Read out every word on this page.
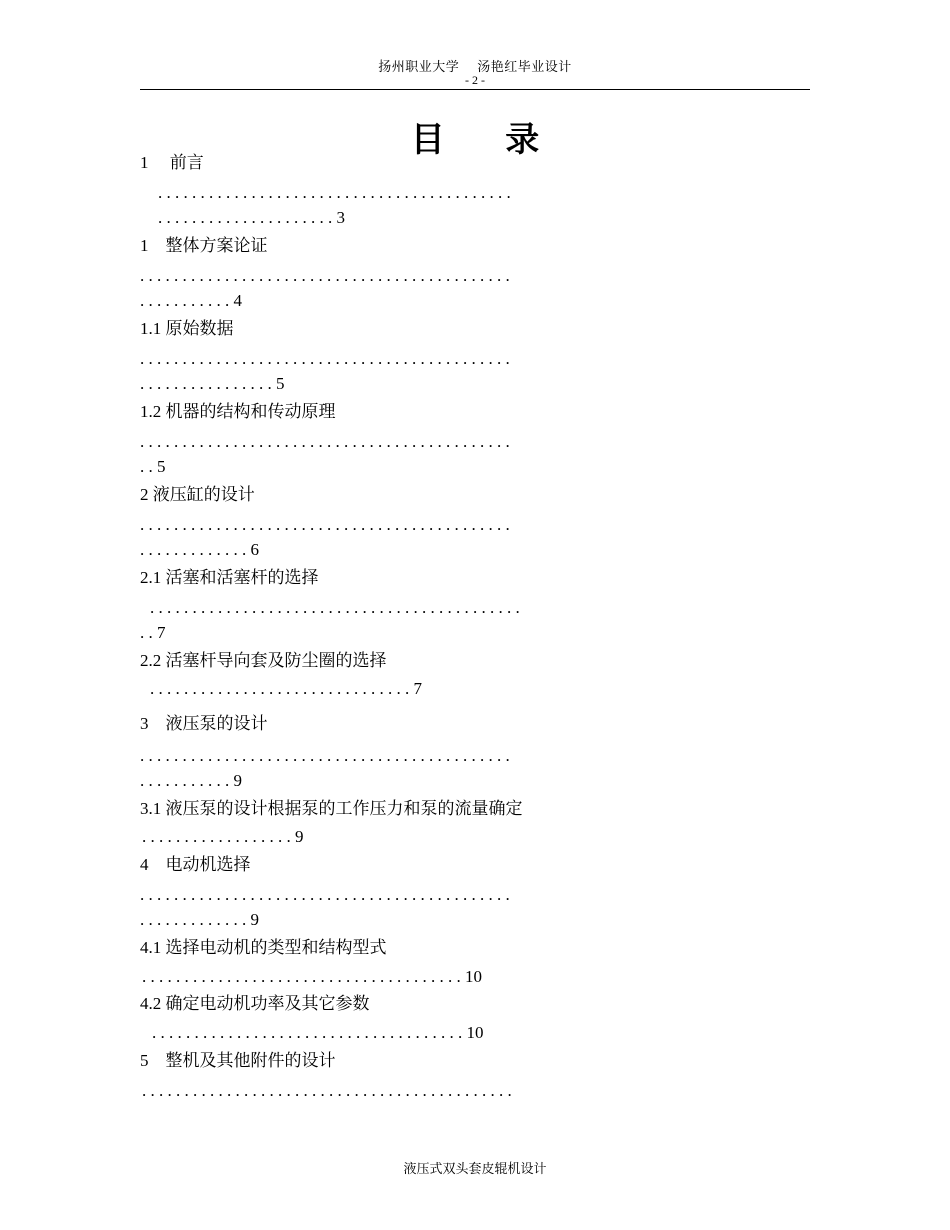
扬州职业大学 汤艳红毕业设计
- 2 -
目 录
1　 前言
. . . . . . . . . . . . . . . . . . . . . . . . . . . . . . . . . . . . . . . . . .
. . . . . . . . . . . . . . . . . . . . . 3
1　整体方案论证
. . . . . . . . . . . . . . . . . . . . . . . . . . . . . . . . . . . . . . . . . . . .
. . . . . . . . . . . 4
1.1 原始数据
. . . . . . . . . . . . . . . . . . . . . . . . . . . . . . . . . . . . . . . . . . . .
. . . . . . . . . . . . . . . . 5
1.2 机器的结构和传动原理
. . . . . . . . . . . . . . . . . . . . . . . . . . . . . . . . . . . . . . . . . . . .
. . 5
2 液压缸的设计
. . . . . . . . . . . . . . . . . . . . . . . . . . . . . . . . . . . . . . . . . . . .
. . . . . . . . . . . . . 6
2.1 活塞和活塞杆的选择
. . . . . . . . . . . . . . . . . . . . . . . . . . . . . . . . . . . . . . . . . . . .
. . 7
2.2 活塞杆导向套及防尘圈的选择
. . . . . . . . . . . . . . . . . . . . . . . . . . . . . . . 7
3　液压泵的设计
. . . . . . . . . . . . . . . . . . . . . . . . . . . . . . . . . . . . . . . . . . . .
. . . . . . . . . . . 9
3.1 液压泵的设计根据泵的工作压力和泵的流量确定
. . . . . . . . . . . . . . . . . . 9
4　电动机选择
. . . . . . . . . . . . . . . . . . . . . . . . . . . . . . . . . . . . . . . . . . . .
. . . . . . . . . . . . . 9
4.1 选择电动机的类型和结构型式
. . . . . . . . . . . . . . . . . . . . . . . . . . . . . . . . . . . . . . 10
4.2 确定电动机功率及其它参数
. . . . . . . . . . . . . . . . . . . . . . . . . . . . . . . . . . . . . 10
5　整机及其他附件的设计
. . . . . . . . . . . . . . . . . . . . . . . . . . . . . . . . . . . . . . . . . . . .
液压式双头套皮辊机设计
